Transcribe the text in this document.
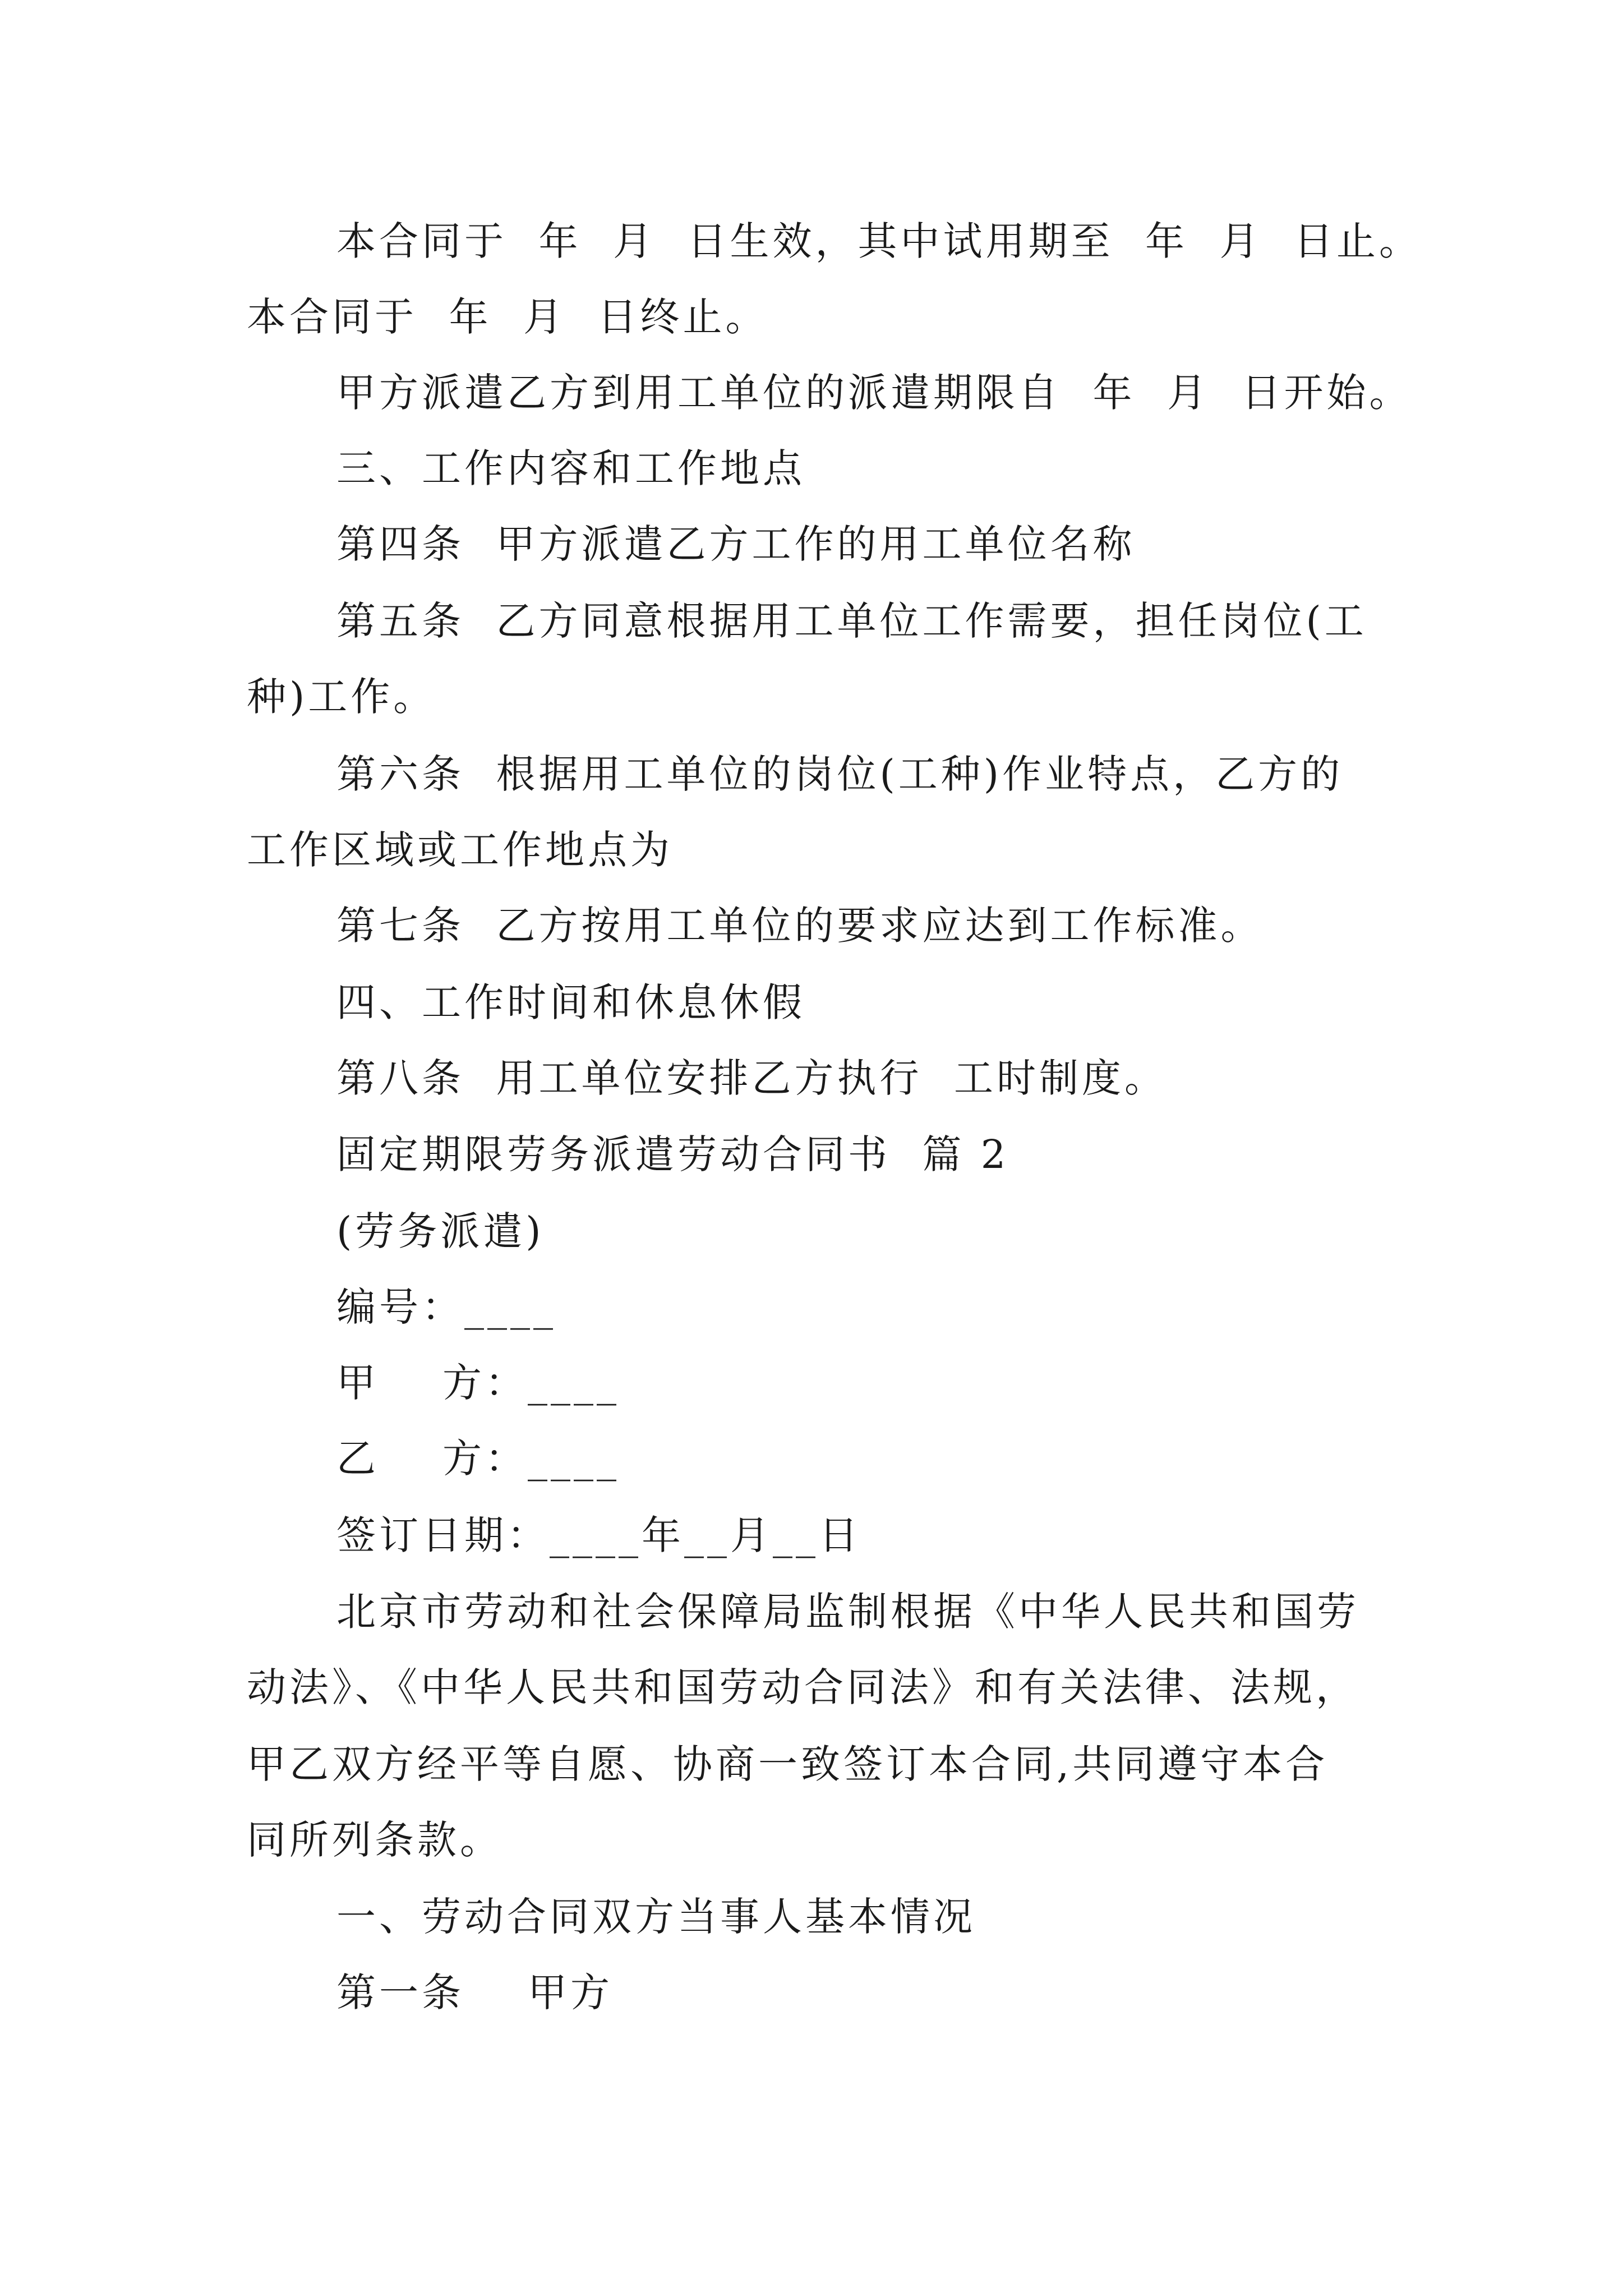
本合同于  年  月  日生效，其中试用期至  年  月  日止。
本合同于  年  月  日终止。
甲方派遣乙方到用工单位的派遣期限自  年  月  日开始。
三、工作内容和工作地点
第四条  甲方派遣乙方工作的用工单位名称
第五条  乙方同意根据用工单位工作需要，担任岗位(工
种)工作。
第六条  根据用工单位的岗位(工种)作业特点，乙方的
工作区域或工作地点为
第七条  乙方按用工单位的要求应达到工作标准。
四、工作时间和休息休假
第八条  用工单位安排乙方执行  工时制度。
固定期限劳务派遣劳动合同书  篇 2
(劳务派遣)
编号：____
甲    方：____
乙    方：____
签订日期：____年__月__日
北京市劳动和社会保障局监制根据《中华人民共和国劳
动法》、《中华人民共和国劳动合同法》和有关法律、法规，
甲乙双方经平等自愿、协商一致签订本合同,共同遵守本合
同所列条款。
一、劳动合同双方当事人基本情况
第一条    甲方
